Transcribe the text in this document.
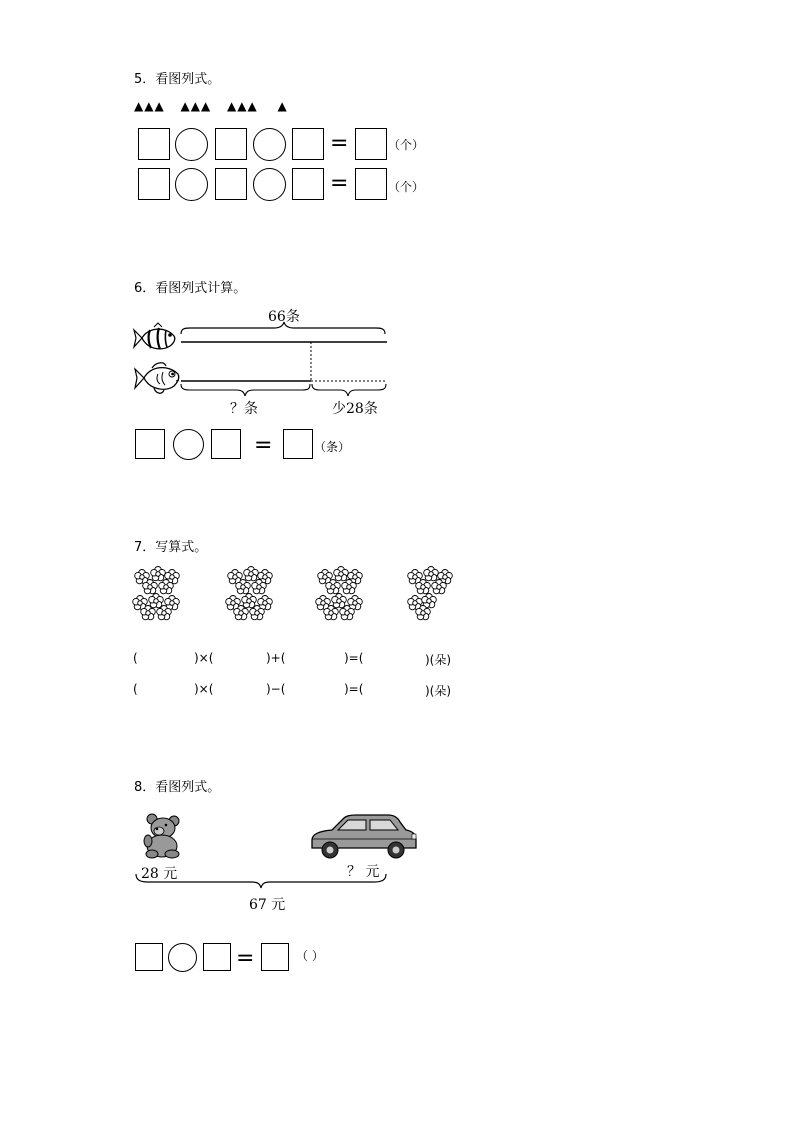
5．看图列式。
▲▲▲ ▲▲▲ ▲▲▲ ▲
=	（个）
=	（个）
6．看图列式计算。
66条
？条	少28条
=	（条）
7．写算式。
(	)×(	)+(	)=(	)(朵)
(	)×(	)−(	)=(	)(朵)
8．看图列式。
28 元	？ 元
67 元
=	（ ）
